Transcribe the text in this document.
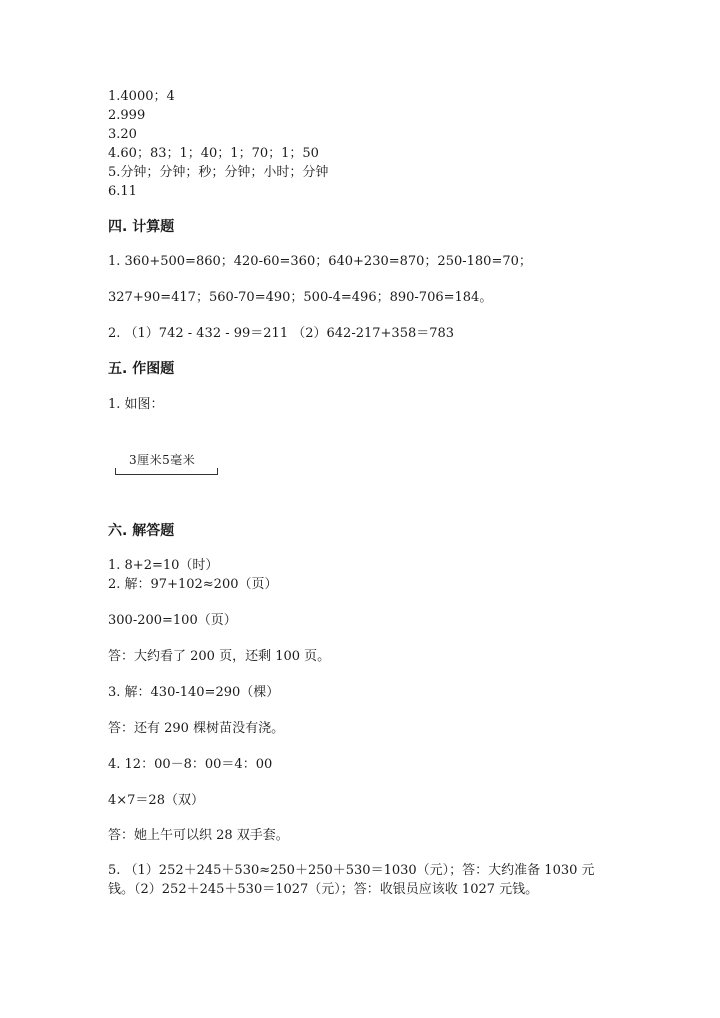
1.4000；4
2.999
3.20
4.60；83；1；40；1；70；1；50
5.分钟；分钟；秒；分钟；小时；分钟
6.11
四. 计算题
1. 360+500=860；420-60=360；640+230=870；250-180=70；
327+90=417；560-70=490；500-4=496；890-706=184。
2. （1）742 - 432 - 99＝211 （2）642-217+358＝783
五. 作图题
1. 如图：
3厘米5毫米
六. 解答题
1. 8+2=10（时）
2. 解：97+102≈200（页）
300-200=100（页）
答：大约看了 200 页，还剩 100 页。
3. 解：430-140=290（棵）
答：还有 290 棵树苗没有浇。
4. 12：00－8：00＝4：00
4×7＝28（双）
答：她上午可以织 28 双手套。
5. （1）252＋245＋530≈250＋250＋530＝1030（元）；答：大约准备 1030 元
钱。（2）252＋245＋530＝1027（元）；答：收银员应该收 1027 元钱。
